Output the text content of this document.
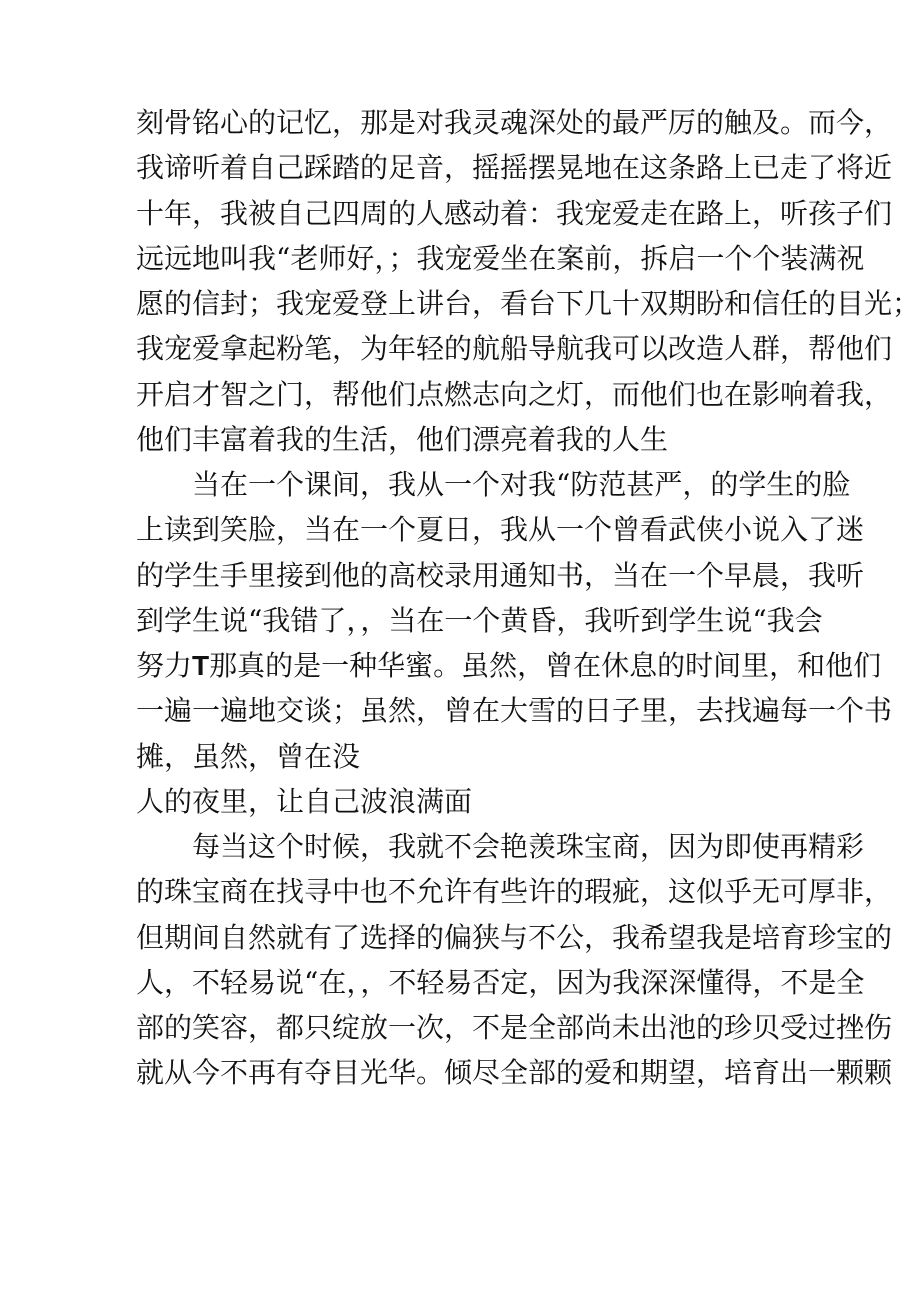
刻骨铭心的记忆，那是对我灵魂深处的最严厉的触及。而今，
我谛听着自己踩踏的足音，摇摇摆晃地在这条路上已走了将近
十年，我被自己四周的人感动着：我宠爱走在路上，听孩子们
远远地叫我“老师好，；我宠爱坐在案前，拆启一个个装满祝
愿的信封；我宠爱登上讲台，看台下几十双期盼和信任的目光；
我宠爱拿起粉笔，为年轻的航船导航我可以改造人群，帮他们
开启才智之门，帮他们点燃志向之灯，而他们也在影响着我，
他们丰富着我的生活，他们漂亮着我的人生
当在一个课间，我从一个对我“防范甚严，的学生的脸
上读到笑脸，当在一个夏日，我从一个曾看武侠小说入了迷
的学生手里接到他的高校录用通知书，当在一个早晨，我听
到学生说“我错了，，当在一个黄昏，我听到学生说“我会
努力T那真的是一种华蜜。虽然，曾在休息的时间里，和他们
一遍一遍地交谈；虽然，曾在大雪的日子里，去找遍每一个书
摊，虽然，曾在没
人的夜里，让自己波浪满面
每当这个时候，我就不会艳羡珠宝商，因为即使再精彩
的珠宝商在找寻中也不允许有些许的瑕疵，这似乎无可厚非，
但期间自然就有了选择的偏狭与不公，我希望我是培育珍宝的
人，不轻易说“在，，不轻易否定，因为我深深懂得，不是全
部的笑容，都只绽放一次，不是全部尚未出池的珍贝受过挫伤
就从今不再有夺目光华。倾尽全部的爱和期望，培育出一颗颗
